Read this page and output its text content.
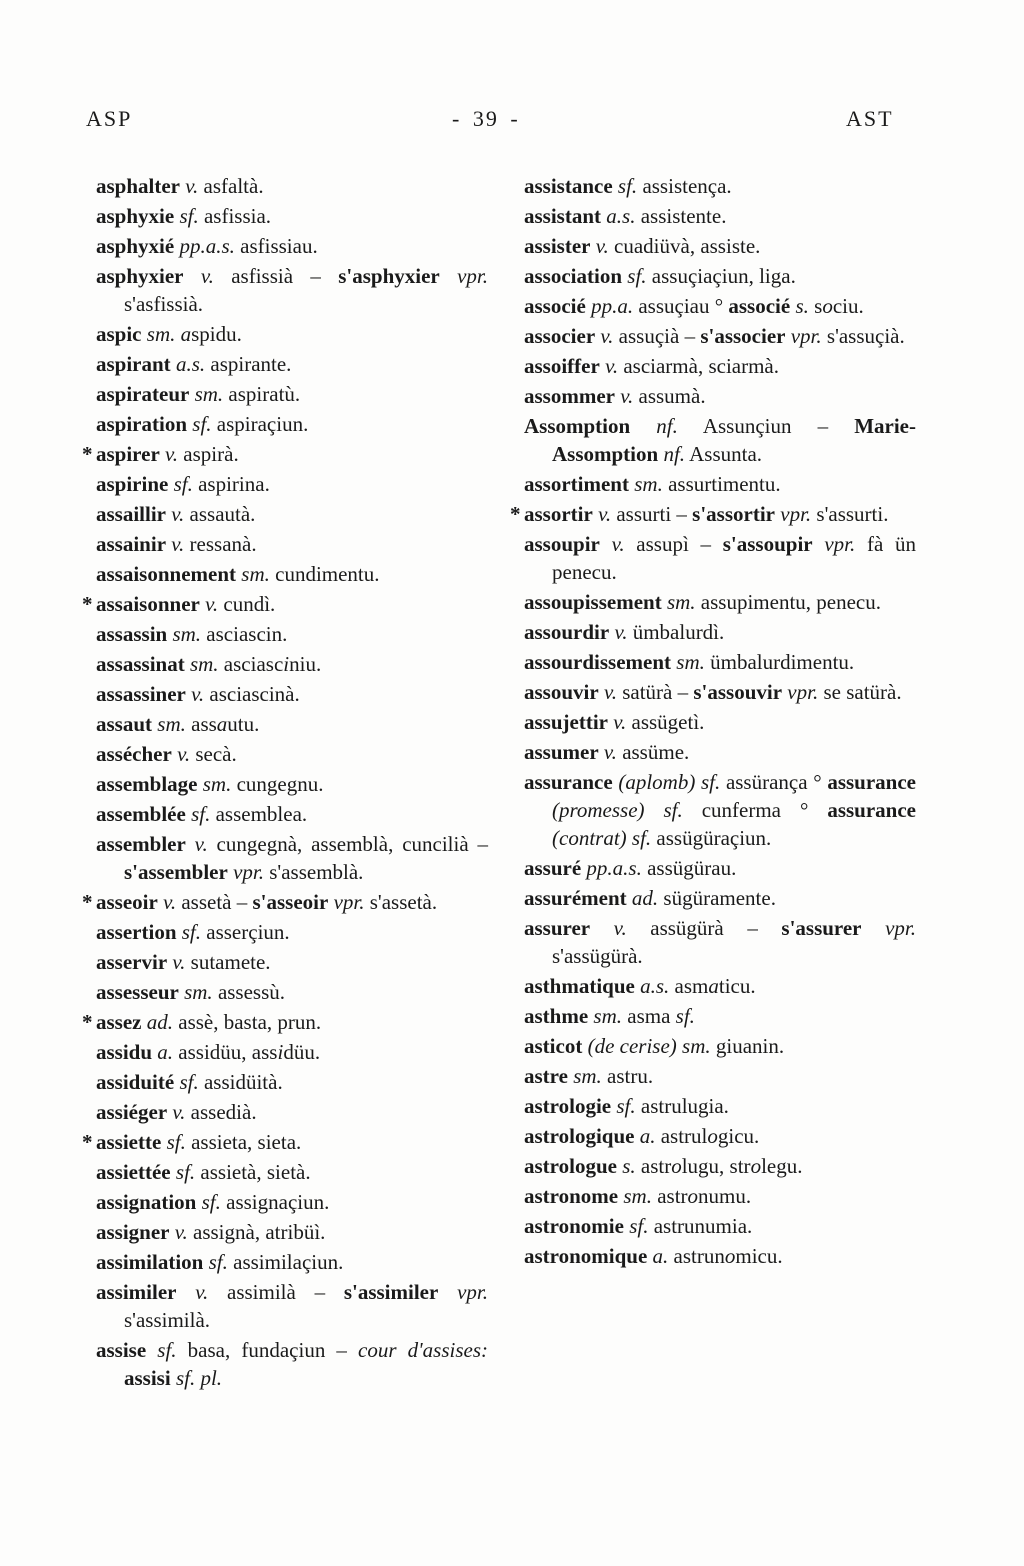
ASP	- 39 -	AST
asphalter v. asfaltà.
asphyxie sf. asfissia.
asphyxié pp.a.s. asfissiau.
asphyxier v. asfissià – s'asphyxier vpr. s'asfissià.
aspic sm. aspidu.
aspirant a.s. aspirante.
aspirateur sm. aspiratù.
aspiration sf. aspiraçiun.
* aspirer v. aspirà.
aspirine sf. aspirina.
assaillir v. assautà.
assainir v. ressanà.
assaisonnement sm. cundimentu.
* assaisonner v. cundì.
assassin sm. asciascin.
assassinat sm. asciasciniu.
assassiner v. asciascinà.
assaut sm. assautu.
assécher v. secà.
assemblage sm. cungegnu.
assemblée sf. assemblea.
assembler v. cungegnà, assemblà, cuncilià – s'assembler vpr. s'assemblà.
* asseoir v. assetà – s'asseoir vpr. s'assetà.
assertion sf. asserçiun.
asservir v. sutamete.
assesseur sm. assessù.
* assez ad. assè, basta, prun.
assidu a. assidüu, assidüu.
assiduité sf. assidüità.
assiéger v. assedià.
* assiette sf. assieta, sieta.
assiettée sf. assietà, sietà.
assignation sf. assignaçiun.
assigner v. assignà, atribüì.
assimilation sf. assimilaçiun.
assimiler v. assimilà – s'assimiler vpr. s'assimilà.
assise sf. basa, fundaçiun – cour d'assises: assisi sf. pl.
assistance sf. assistença.
assistant a.s. assistente.
assister v. cuadiüvà, assiste.
association sf. assuçiaçiun, liga.
associé pp.a. assuçiau ° associé s. sociu.
associer v. assuçià – s'associer vpr. s'assuçià.
assoiffer v. asciarmà, sciarmà.
assommer v. assumà.
Assomption nf. Assunçiun – Marie-Assomption nf. Assunta.
assortiment sm. assurtimentu.
* assortir v. assurti – s'assortir vpr. s'assurti.
assoupir v. assupì – s'assoupir vpr. fà ün penecu.
assoupissement sm. assupimentu, penecu.
assourdir v. ümbalurdì.
assourdissement sm. ümbalurdimentu.
assouvir v. satürà – s'assouvir vpr. se satürà.
assujettir v. assügetì.
assumer v. assüme.
assurance (aplomb) sf. assürança ° assurance (promesse) sf. cunferma ° assurance (contrat) sf. assügüraçiun.
assuré pp.a.s. assügürau.
assurément ad. sügüramente.
assurer v. assügürà – s'assurer vpr. s'assügürà.
asthmatique a.s. asmaticu.
asthme sm. asma sf.
asticot (de cerise) sm. giuanin.
astre sm. astru.
astrologie sf. astrulugia.
astrologique a. astrulogicu.
astrologue s. astrolugu, strolegu.
astronome sm. astronumu.
astronomie sf. astrunumia.
astronomique a. astrunomicu.
